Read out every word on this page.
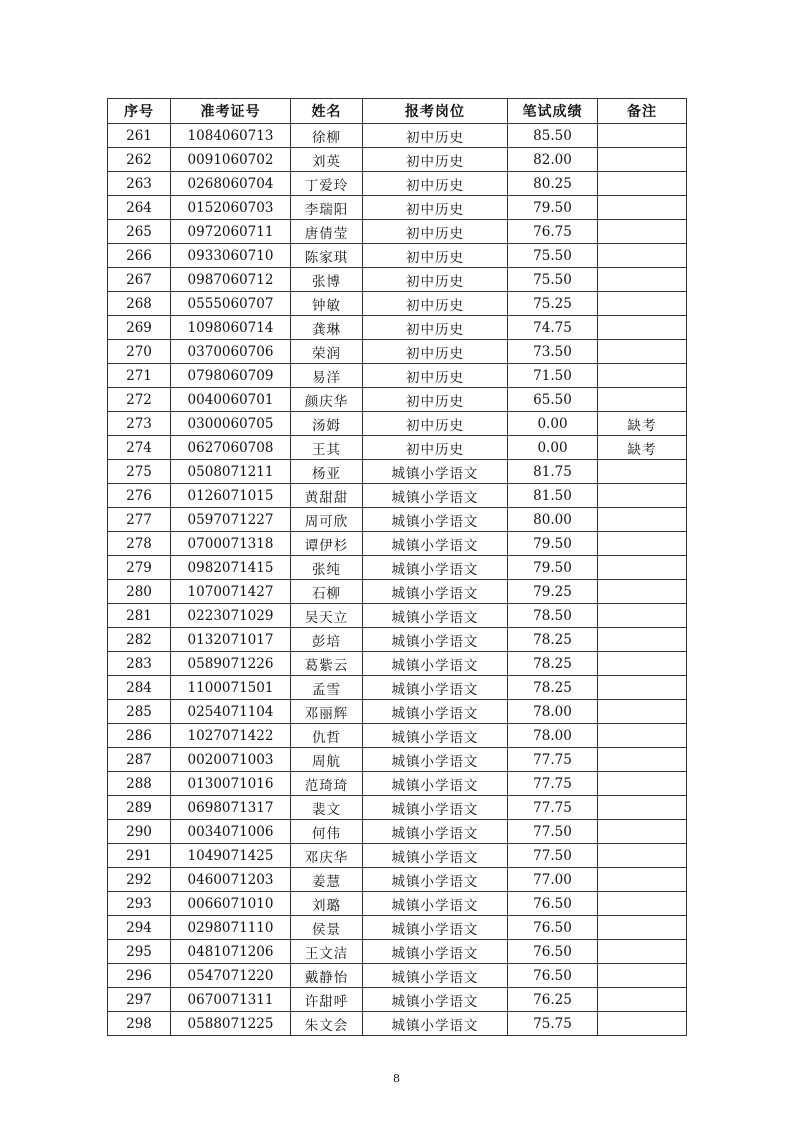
序号	准考证号	姓名	报考岗位	笔试成绩	备注
261	1084060713	徐柳	初中历史	85.50	
262	0091060702	刘英	初中历史	82.00	
263	0268060704	丁爱玲	初中历史	80.25	
264	0152060703	李瑞阳	初中历史	79.50	
265	0972060711	唐倩莹	初中历史	76.75	
266	0933060710	陈家琪	初中历史	75.50	
267	0987060712	张博	初中历史	75.50	
268	0555060707	钟敏	初中历史	75.25	
269	1098060714	龚琳	初中历史	74.75	
270	0370060706	荣润	初中历史	73.50	
271	0798060709	易洋	初中历史	71.50	
272	0040060701	颜庆华	初中历史	65.50	
273	0300060705	汤姆	初中历史	0.00	缺考
274	0627060708	王其	初中历史	0.00	缺考
275	0508071211	杨亚	城镇小学语文	81.75	
276	0126071015	黄甜甜	城镇小学语文	81.50	
277	0597071227	周可欣	城镇小学语文	80.00	
278	0700071318	谭伊杉	城镇小学语文	79.50	
279	0982071415	张纯	城镇小学语文	79.50	
280	1070071427	石柳	城镇小学语文	79.25	
281	0223071029	吴天立	城镇小学语文	78.50	
282	0132071017	彭培	城镇小学语文	78.25	
283	0589071226	葛紫云	城镇小学语文	78.25	
284	1100071501	孟雪	城镇小学语文	78.25	
285	0254071104	邓丽辉	城镇小学语文	78.00	
286	1027071422	仇哲	城镇小学语文	78.00	
287	0020071003	周航	城镇小学语文	77.75	
288	0130071016	范琦琦	城镇小学语文	77.75	
289	0698071317	裴文	城镇小学语文	77.75	
290	0034071006	何伟	城镇小学语文	77.50	
291	1049071425	邓庆华	城镇小学语文	77.50	
292	0460071203	姜慧	城镇小学语文	77.00	
293	0066071010	刘璐	城镇小学语文	76.50	
294	0298071110	侯景	城镇小学语文	76.50	
295	0481071206	王文洁	城镇小学语文	76.50	
296	0547071220	戴静怡	城镇小学语文	76.50	
297	0670071311	许甜呼	城镇小学语文	76.25	
298	0588071225	朱文会	城镇小学语文	75.75	
8
